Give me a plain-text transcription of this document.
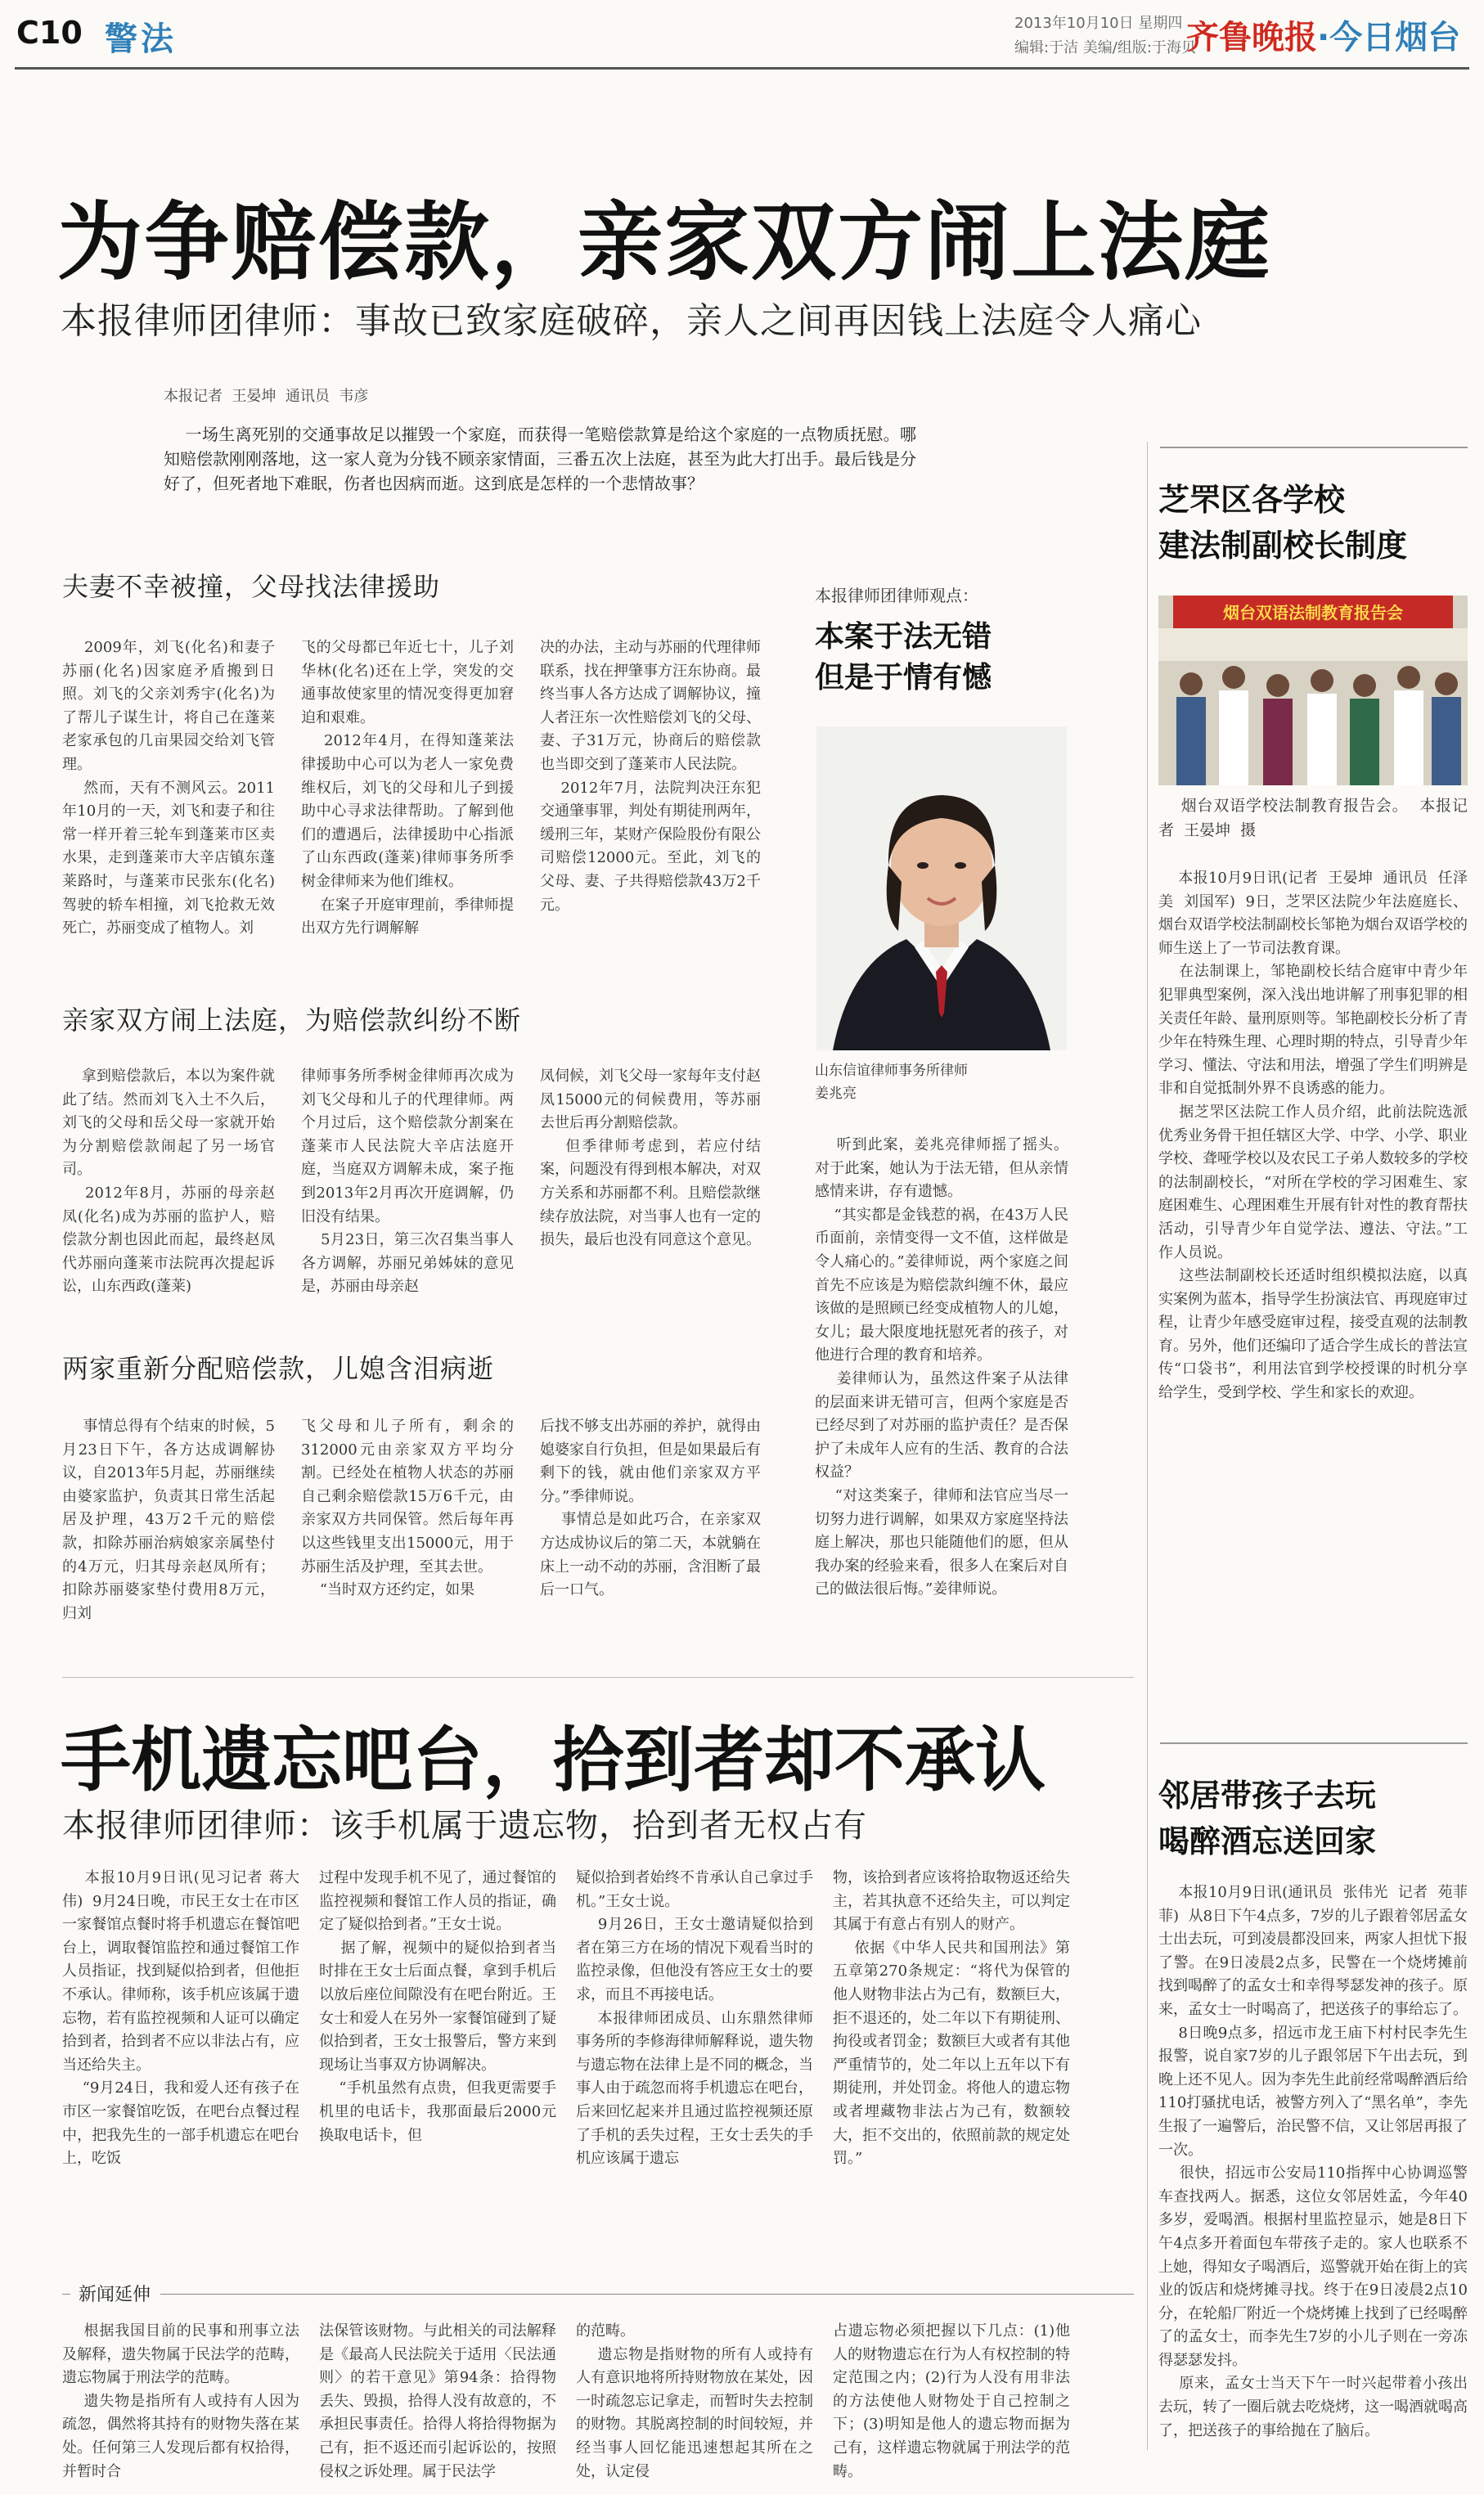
C10 警法	2013年10月10日 星期四
编辑:于洁 美编/组版:于海贝
齐鲁晚报·今日烟台
为争赔偿款，亲家双方闹上法庭
本报律师团律师：事故已致家庭破碎，亲人之间再因钱上法庭令人痛心
本报记者  王晏坤  通讯员  韦彦
一场生离死别的交通事故足以摧毁一个家庭，而获得一笔赔偿款算是给这个家庭的一点物质抚慰。哪知赔偿款刚刚落地，这一家人竟为分钱不顾亲家情面，三番五次上法庭，甚至为此大打出手。最后钱是分好了，但死者地下难眠，伤者也因病而逝。这到底是怎样的一个悲情故事？
夫妻不幸被撞，父母找法律援助
2009年，刘飞(化名)和妻子苏丽(化名)因家庭矛盾搬到日照。刘飞的父亲刘秀宇(化名)为了帮儿子谋生计，将自己在蓬莱老家承包的几亩果园交给刘飞管理。
然而，天有不测风云。2011年10月的一天，刘飞和妻子和往常一样开着三轮车到蓬莱市区卖水果，走到蓬莱市大辛店镇东蓬莱路时，与蓬莱市民张东(化名)驾驶的轿车相撞，刘飞抢救无效死亡，苏丽变成了植物人。刘
飞的父母都已年近七十，儿子刘华林(化名)还在上学，突发的交通事故使家里的情况变得更加窘迫和艰难。
2012年4月，在得知蓬莱法律援助中心可以为老人一家免费维权后，刘飞的父母和儿子到援助中心寻求法律帮助。了解到他们的遭遇后，法律援助中心指派了山东西政(蓬莱)律师事务所季树金律师来为他们维权。
在案子开庭审理前，季律师提出双方先行调解解
决的办法，主动与苏丽的代理律师联系，找在押肇事方汪东协商。最终当事人各方达成了调解协议，撞人者汪东一次性赔偿刘飞的父母、妻、子31万元，协商后的赔偿款也当即交到了蓬莱市人民法院。
2012年7月，法院判决汪东犯交通肇事罪，判处有期徒刑两年，缓刑三年，某财产保险股份有限公司赔偿12000元。至此，刘飞的父母、妻、子共得赔偿款43万2千元。
亲家双方闹上法庭，为赔偿款纠纷不断
拿到赔偿款后，本以为案件就此了结。然而刘飞入土不久后，刘飞的父母和岳父母一家就开始为分割赔偿款闹起了另一场官司。
2012年8月，苏丽的母亲赵凤(化名)成为苏丽的监护人，赔偿款分割也因此而起，最终赵凤代苏丽向蓬莱市法院再次提起诉讼，山东西政(蓬莱)
律师事务所季树金律师再次成为刘飞父母和儿子的代理律师。两个月过后，这个赔偿款分割案在蓬莱市人民法院大辛店法庭开庭，当庭双方调解未成，案子拖到2013年2月再次开庭调解，仍旧没有结果。
5月23日，第三次召集当事人各方调解，苏丽兄弟姊妹的意见是，苏丽由母亲赵
凤伺候，刘飞父母一家每年支付赵凤15000元的伺候费用，等苏丽去世后再分割赔偿款。
但季律师考虑到，若应付结案，问题没有得到根本解决，对双方关系和苏丽都不利。且赔偿款继续存放法院，对当事人也有一定的损失，最后也没有同意这个意见。
两家重新分配赔偿款，儿媳含泪病逝
事情总得有个结束的时候，5月23日下午，各方达成调解协议，自2013年5月起，苏丽继续由婆家监护，负责其日常生活起居及护理，43万2千元的赔偿款，扣除苏丽治病娘家亲属垫付的4万元，归其母亲赵凤所有；扣除苏丽婆家垫付费用8万元，归刘
飞父母和儿子所有，剩余的312000元由亲家双方平均分割。已经处在植物人状态的苏丽自己剩余赔偿款15万6千元，由亲家双方共同保管。然后每年再以这些钱里支出15000元，用于苏丽生活及护理，至其去世。
“当时双方还约定，如果
后找不够支出苏丽的养护，就得由媳婆家自行负担，但是如果最后有剩下的钱，就由他们亲家双方平分。”季律师说。
事情总是如此巧合，在亲家双方达成协议后的第二天，本就躺在床上一动不动的苏丽，含泪断了最后一口气。
本报律师团律师观点：
本案于法无错
但是于情有憾
山东信谊律师事务所律师
姜兆亮
听到此案，姜兆亮律师摇了摇头。对于此案，她认为于法无错，但从亲情感情来讲，存有遗憾。
“其实都是金钱惹的祸，在43万人民币面前，亲情变得一文不值，这样做是令人痛心的。”姜律师说，两个家庭之间首先不应该是为赔偿款纠缠不休，最应该做的是照顾已经变成植物人的儿媳，女儿；最大限度地抚慰死者的孩子，对他进行合理的教育和培养。
姜律师认为，虽然这件案子从法律的层面来讲无错可言，但两个家庭是否已经尽到了对苏丽的监护责任？是否保护了未成年人应有的生活、教育的合法权益？
“对这类案子，律师和法官应当尽一切努力进行调解，如果双方家庭坚持法庭上解决，那也只能随他们的愿，但从我办案的经验来看，很多人在案后对自己的做法很后悔。”姜律师说。
芝罘区各学校
建法制副校长制度
烟台双语法制教育报告会
烟台双语学校法制教育报告会。  本报记者  王晏坤  摄
本报10月9日讯(记者  王晏坤  通讯员  任泽美  刘国军)  9日，芝罘区法院少年法庭庭长、烟台双语学校法制副校长邹艳为烟台双语学校的师生送上了一节司法教育课。
在法制课上，邹艳副校长结合庭审中青少年犯罪典型案例，深入浅出地讲解了刑事犯罪的相关责任年龄、量刑原则等。邹艳副校长分析了青少年在特殊生理、心理时期的特点，引导青少年学习、懂法、守法和用法，增强了学生们明辨是非和自觉抵制外界不良诱惑的能力。
据芝罘区法院工作人员介绍，此前法院选派优秀业务骨干担任辖区大学、中学、小学、职业学校、聋哑学校以及农民工子弟人数较多的学校的法制副校长，“对所在学校的学习困难生、家庭困难生、心理困难生开展有针对性的教育帮扶活动，引导青少年自觉学法、遵法、守法。”工作人员说。
这些法制副校长还适时组织模拟法庭，以真实案例为蓝本，指导学生扮演法官、再现庭审过程，让青少年感受庭审过程，接受直观的法制教育。另外，他们还编印了适合学生成长的普法宣传“口袋书”，利用法官到学校授课的时机分享给学生，受到学校、学生和家长的欢迎。
邻居带孩子去玩
喝醉酒忘送回家
本报10月9日讯(通讯员  张伟光  记者  苑菲菲)  从8日下午4点多，7岁的儿子跟着邻居孟女士出去玩，可到凌晨都没回来，两家人担忧下报了警。在9日凌晨2点多，民警在一个烧烤摊前找到喝醉了的孟女士和幸得琴瑟发神的孩子。原来，孟女士一时喝高了，把送孩子的事给忘了。
8日晚9点多，招远市龙王庙下村村民李先生报警，说自家7岁的儿子跟邻居下午出去玩，到晚上还不见人。因为李先生此前经常喝醉酒后给110打骚扰电话，被警方列入了“黑名单”，李先生报了一遍警后，治民警不信，又让邻居再报了一次。
很快，招远市公安局110指挥中心协调巡警车查找两人。据悉，这位女邻居姓孟，今年40多岁，爱喝酒。根据村里监控显示，她是8日下午4点多开着面包车带孩子走的。家人也联系不上她，得知女子喝酒后，巡警就开始在街上的宾业的饭店和烧烤摊寻找。终于在9日凌晨2点10分，在轮船厂附近一个烧烤摊上找到了已经喝醉了的孟女士，而李先生7岁的小儿子则在一旁冻得瑟瑟发抖。
原来，孟女士当天下午一时兴起带着小孩出去玩，转了一圈后就去吃烧烤，这一喝酒就喝高了，把送孩子的事给抛在了脑后。
手机遗忘吧台，拾到者却不承认
本报律师团律师：该手机属于遗忘物，拾到者无权占有
本报10月9日讯(见习记者 蒋大伟)  9月24日晚，市民王女士在市区一家餐馆点餐时将手机遗忘在餐馆吧台上，调取餐馆监控和通过餐馆工作人员指证，找到疑似拾到者，但他拒不承认。律师称，该手机应该属于遗忘物，若有监控视频和人证可以确定拾到者，拾到者不应以非法占有，应当还给失主。
“9月24日，我和爱人还有孩子在市区一家餐馆吃饭，在吧台点餐过程中，把我先生的一部手机遗忘在吧台上，吃饭
过程中发现手机不见了，通过餐馆的监控视频和餐馆工作人员的指证，确定了疑似拾到者。”王女士说。
据了解，视频中的疑似拾到者当时排在王女士后面点餐，拿到手机后以放后座位间隙没有在吧台附近。王女士和爱人在另外一家餐馆碰到了疑似拾到者，王女士报警后，警方来到现场让当事双方协调解决。
“手机虽然有点贵，但我更需要手机里的电话卡，我那面最后2000元换取电话卡，但
疑似拾到者始终不肯承认自己拿过手机。”王女士说。
9月26日，王女士邀请疑似拾到者在第三方在场的情况下观看当时的监控录像，但他没有答应王女士的要求，而且不再接电话。
本报律师团成员、山东鼎然律师事务所的李修海律师解释说，遗失物与遗忘物在法律上是不同的概念，当事人由于疏忽而将手机遗忘在吧台，后来回忆起来并且通过监控视频还原了手机的丢失过程，王女士丢失的手机应该属于遗忘
物，该拾到者应该将拾取物返还给失主，若其执意不还给失主，可以判定其属于有意占有别人的财产。
依据《中华人民共和国刑法》第五章第270条规定：“将代为保管的他人财物非法占为己有，数额巨大，拒不退还的，处二年以下有期徒刑、拘役或者罚金；数额巨大或者有其他严重情节的，处二年以上五年以下有期徒刑，并处罚金。将他人的遗忘物或者埋藏物非法占为己有，数额较大，拒不交出的，依照前款的规定处罚。”
新闻延伸
根据我国目前的民事和刑事立法及解释，遗失物属于民法学的范畴，遗忘物属于刑法学的范畴。
遗失物是指所有人或持有人因为疏忽，偶然将其持有的财物失落在某处。任何第三人发现后都有权拾得，并暂时合
法保管该财物。与此相关的司法解释是《最高人民法院关于适用〈民法通则〉的若干意见》第94条：拾得物丢失、毁损，拾得人没有故意的，不承担民事责任。拾得人将拾得物据为己有，拒不返还而引起诉讼的，按照侵权之诉处理。属于民法学
的范畴。
遗忘物是指财物的所有人或持有人有意识地将所持财物放在某处，因一时疏忽忘记拿走，而暂时失去控制的财物。其脱离控制的时间较短，并经当事人回忆能迅速想起其所在之处，认定侵
占遗忘物必须把握以下几点：(1)他人的财物遗忘在行为人有权控制的特定范围之内；(2)行为人没有用非法的方法使他人财物处于自己控制之下；(3)明知是他人的遗忘物而据为己有，这样遗忘物就属于刑法学的范畴。
